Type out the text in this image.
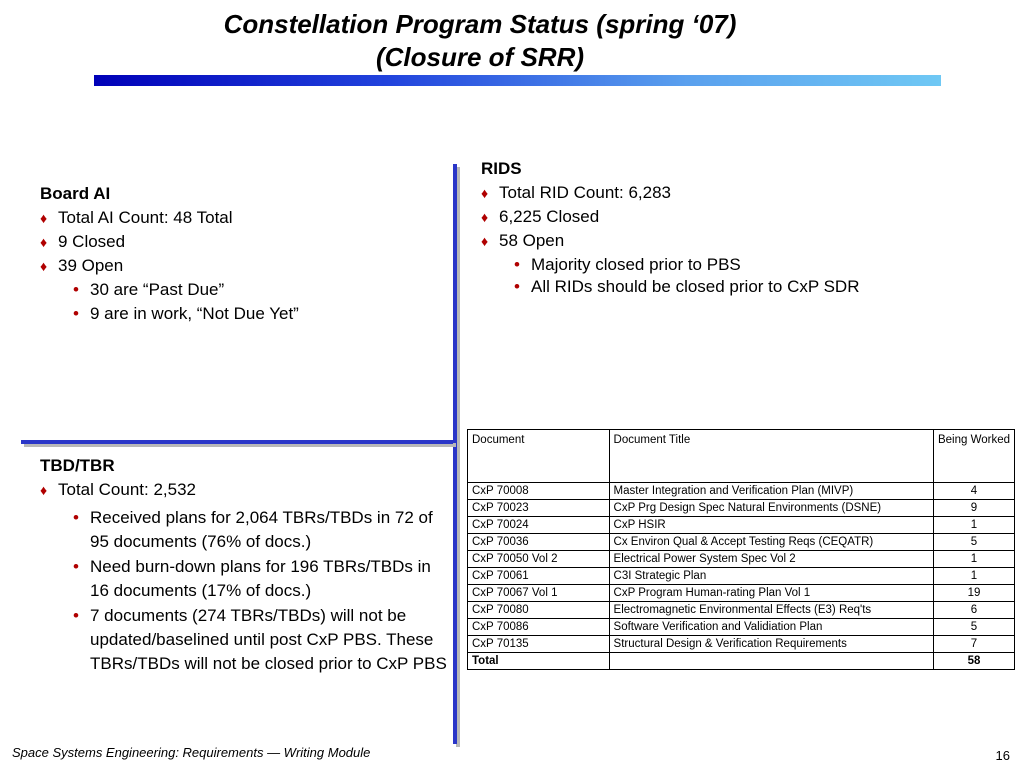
Constellation Program Status (spring ‘07)
(Closure of SRR)
Board AI
♦ Total AI Count: 48 Total
♦ 9 Closed
♦ 39 Open
• 30 are “Past Due”
• 9 are in work, “Not Due Yet”
RIDS
♦ Total RID Count: 6,283
♦ 6,225 Closed
♦ 58 Open
• Majority closed prior to PBS
• All RIDs should be closed prior to CxP SDR
TBD/TBR
♦ Total Count: 2,532
• Received plans for 2,064 TBRs/TBDs in 72 of 95 documents (76% of docs.)
• Need burn-down plans for 196 TBRs/TBDs in 16 documents (17% of docs.)
• 7 documents (274 TBRs/TBDs) will not be updated/baselined until post CxP PBS. These TBRs/TBDs will not be closed prior to CxP PBS
Document	Document Title	Being Worked
CxP 70008	Master Integration and Verification Plan (MIVP)	4
CxP 70023	CxP Prg Design Spec Natural Environments (DSNE)	9
CxP 70024	CxP HSIR	1
CxP 70036	Cx Environ Qual & Accept Testing Reqs (CEQATR)	5
CxP 70050 Vol 2	Electrical Power System Spec Vol 2	1
CxP 70061	C3I Strategic Plan	1
CxP 70067 Vol 1	CxP Program Human-rating Plan Vol 1	19
CxP 70080	Electromagnetic Environmental Effects (E3) Req'ts	6
CxP 70086	Software Verification and Validiation Plan	5
CxP 70135	Structural Design & Verification Requirements	7
Total		58
Space Systems Engineering: Requirements — Writing Module	16
